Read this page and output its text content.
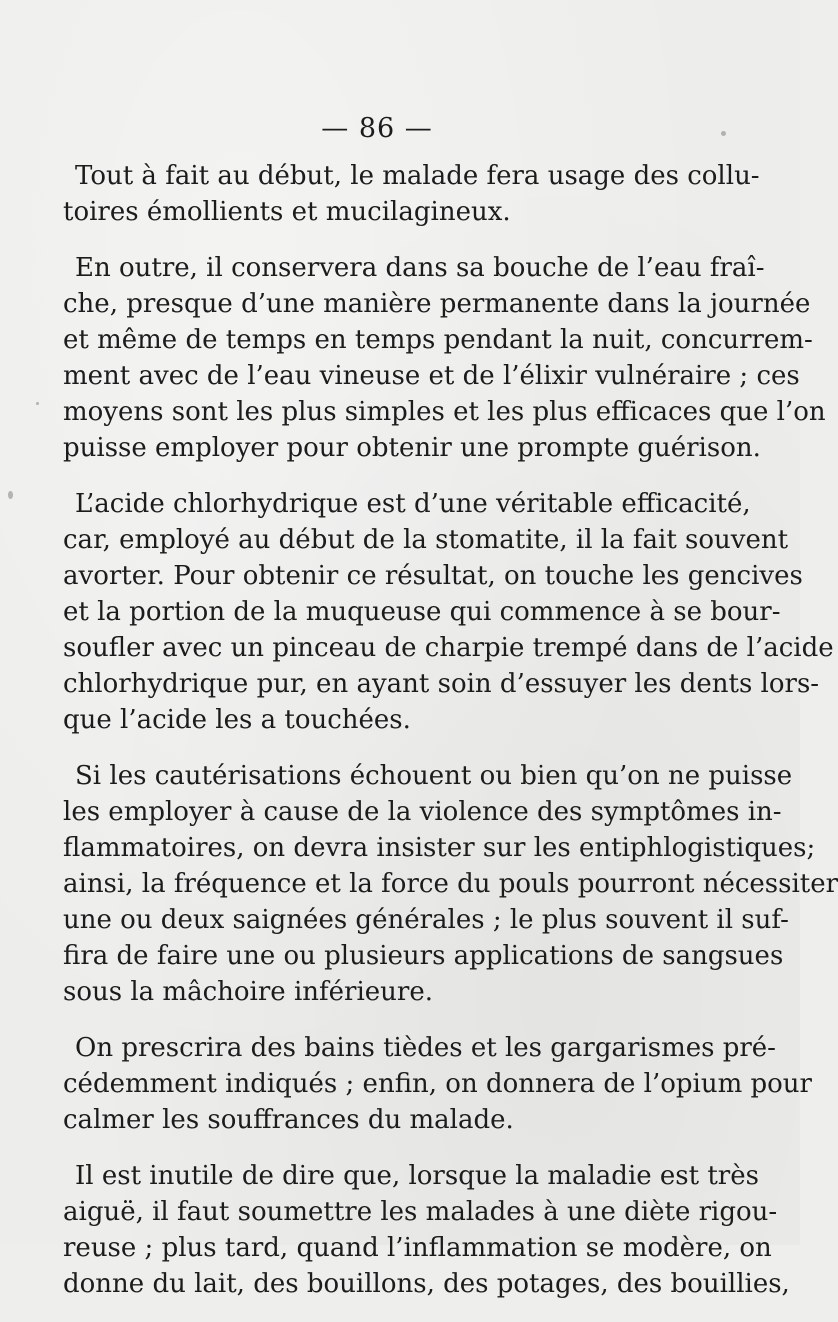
— 86 —
Tout à fait au début, le malade fera usage des collu-
toires émollients et mucilagineux.
En outre, il conservera dans sa bouche de l’eau fraî-
che, presque d’une manière permanente dans la journée
et même de temps en temps pendant la nuit, concurrem-
ment avec de l’eau vineuse et de l’élixir vulnéraire ; ces
moyens sont les plus simples et les plus efficaces que l’on
puisse employer pour obtenir une prompte guérison.
L’acide chlorhydrique est d’une véritable efficacité,
car, employé au début de la stomatite, il la fait souvent
avorter. Pour obtenir ce résultat, on touche les gencives
et la portion de la muqueuse qui commence à se bour-
soufler avec un pinceau de charpie trempé dans de l’acide
chlorhydrique pur, en ayant soin d’essuyer les dents lors-
que l’acide les a touchées.
Si les cautérisations échouent ou bien qu’on ne puisse
les employer à cause de la violence des symptômes in-
flammatoires, on devra insister sur les entiphlogistiques;
ainsi, la fréquence et la force du pouls pourront nécessiter
une ou deux saignées générales ; le plus souvent il suf-
fira de faire une ou plusieurs applications de sangsues
sous la mâchoire inférieure.
On prescrira des bains tièdes et les gargarismes pré-
cédemment indiqués ; enfin, on donnera de l’opium pour
calmer les souffrances du malade.
Il est inutile de dire que, lorsque la maladie est très
aiguë, il faut soumettre les malades à une diète rigou-
reuse ; plus tard, quand l’inflammation se modère, on
donne du lait, des bouillons, des potages, des bouillies,
